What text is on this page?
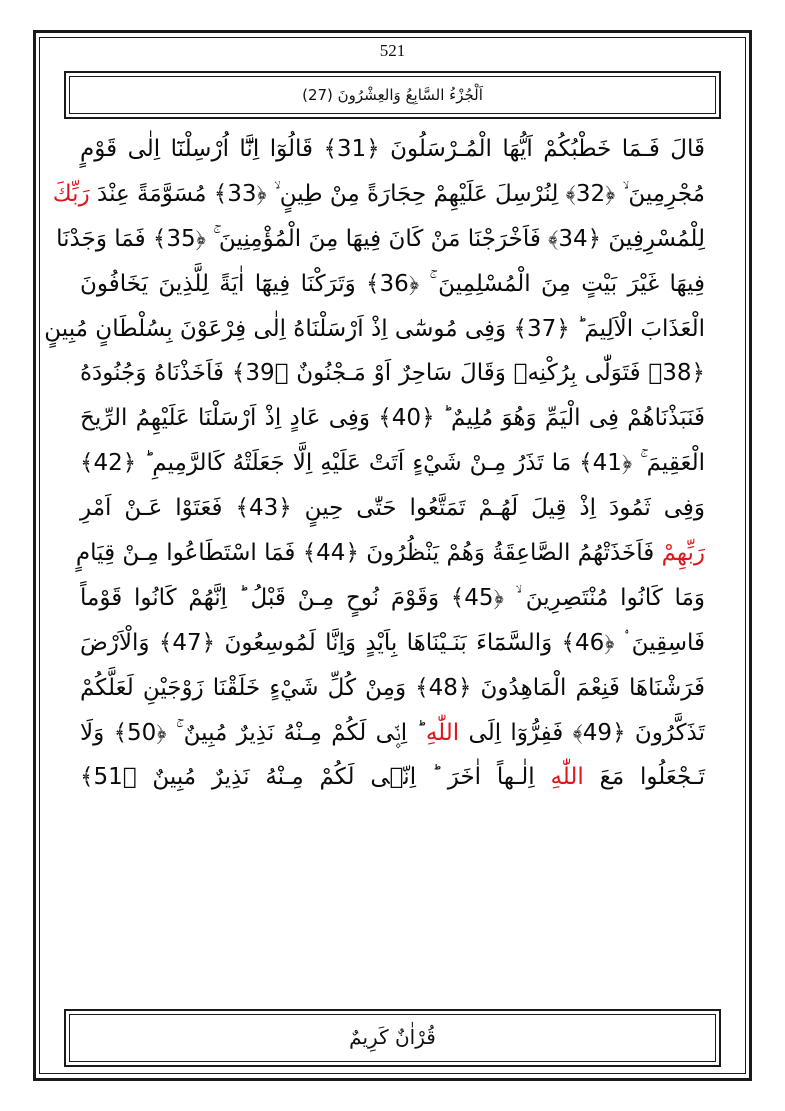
521
اَلْجُزْءُ السَّابِعُ وَالعِشْرُونَ (27)
قَالَ فَـمَا خَطْبُكُمْ اَيُّهَا الْمُـرْسَلُونَ ﴿31﴾ قَالُوٓا اِنَّٓا اُرْسِلْنَٓا اِلٰى قَوْمٍ
مُجْرِمِينَ ۙ ﴿32﴾ لِنُرْسِلَ عَلَيْهِمْ حِجَارَةً مِنْ طِينٍ ۙ ﴿33﴾ مُسَوَّمَةً عِنْدَ رَبِّكَ
لِلْمُسْرِفِينَ ﴿34﴾ فَاَخْرَجْنَا مَنْ كَانَ فِيهَا مِنَ الْمُؤْمِنِينَ ۚ ﴿35﴾ فَمَا وَجَدْنَا
فِيهَا غَيْرَ بَيْتٍ مِنَ الْمُسْلِمِينَ ۚ ﴿36﴾ وَتَرَكْنَا فِيهَٓا اٰيَةً لِلَّذِينَ يَخَافُونَ
الْعَذَابَ الْاَلِيمَ ؕ ﴿37﴾ وَفِى مُوسٰٓى اِذْ اَرْسَلْنَاهُ اِلٰى فِرْعَوْنَ بِسُلْطَانٍ مُبِينٍ
﴿38﴾ فَتَوَلّٰى بِرُكْنِهٖ وَقَالَ سَاحِرٌ اَوْ مَـجْنُونٌ ﴿39﴾ فَاَخَذْنَاهُ وَجُنُودَهُ
فَنَبَذْنَاهُمْ فِى الْيَمِّ وَهُوَ مُلِيمٌ ؕ ﴿40﴾ وَفِى عَادٍ اِذْ اَرْسَلْنَا عَلَيْهِمُ الرِّيحَ
الْعَقِيمَ ۚ ﴿41﴾ مَا تَذَرُ مِـنْ شَيْءٍ اَتَتْ عَلَيْهِ اِلَّا جَعَلَتْهُ كَالرَّمِيمِ ؕ ﴿42﴾
وَفِى ثَمُودَ اِذْ قِيلَ لَهُـمْ تَمَتَّعُوا حَتّٰى حِينٍ ﴿43﴾ فَعَتَوْا عَـنْ اَمْرِ
رَبِّهِمْ فَاَخَذَتْهُمُ الصَّاعِقَةُ وَهُمْ يَنْظُرُونَ ﴿44﴾ فَمَا اسْتَطَاعُوا مِـنْ قِيَامٍ
وَمَا كَانُوا مُنْتَصِرِينَ ۙ ﴿45﴾ وَقَوْمَ نُوحٍ مِـنْ قَبْلُ ؕ اِنَّهُمْ كَانُوا قَوْماً
فَاسِقِينَ ۟ ﴿46﴾ وَالسَّمَٓاءَ بَنَـيْنَاهَا بِاَيْدٍ وَاِنَّا لَمُوسِعُونَ ﴿47﴾ وَالْاَرْضَ
فَرَشْنَاهَا فَنِعْمَ الْمَاهِدُونَ ﴿48﴾ وَمِنْ كُلِّ شَيْءٍ خَلَقْنَا زَوْجَيْنِ لَعَلَّكُمْ
تَذَكَّرُونَ ﴿49﴾ فَفِرُّوٓا اِلَى اللّٰهِ ؕ اِنّ۪ى لَكُمْ مِـنْهُ نَذِيرٌ مُبِينٌ ۚ ﴿50﴾ وَلَا
تَـجْعَلُوا مَعَ اللّٰهِ اِلٰـهاً اٰخَرَ ؕ اِنّ۪ى لَكُمْ مِـنْهُ نَذِيرٌ مُبِينٌ ﴿51﴾
قُرْاٰنٌ كَرِيمٌ
